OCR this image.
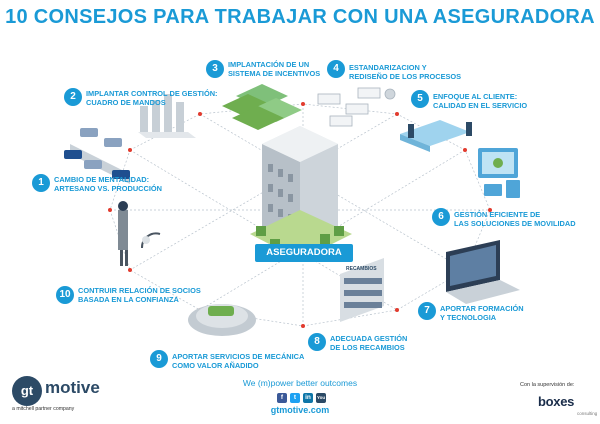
10 CONSEJOS PARA TRABAJAR CON UNA ASEGURADORA
RECAMBIOS
ASEGURADORA
1	CAMBIO DE MENTALIDAD:
ARTESANO VS. PRODUCCIÓN
2	IMPLANTAR CONTROL DE GESTIÓN:
CUADRO DE MANDOS
3	IMPLANTACIÓN DE UN
SISTEMA DE INCENTIVOS	4	ESTANDARIZACION Y
REDISEÑO DE LOS PROCESOS
5	ENFOQUE AL CLIENTE:
CALIDAD EN EL SERVICIO
6	GESTIÓN EFICIENTE DE
LAS SOLUCIONES DE MOVILIDAD
7	APORTAR FORMACIÓN
Y TECNOLOGIA
8	ADECUADA GESTIÓN
DE LOS RECAMBIOS
9	APORTAR SERVICIOS DE MECÁNICA
COMO VALOR AÑADIDO
10	CONTRUIR RELACIÓN DE SOCIOS
BASADA EN LA CONFIANZA
gt motive
a mitchell partner company
We (m)power better outcomes
f	t	in	You
gtmotive.com
Con la supervisión de:
boxes
consulting
